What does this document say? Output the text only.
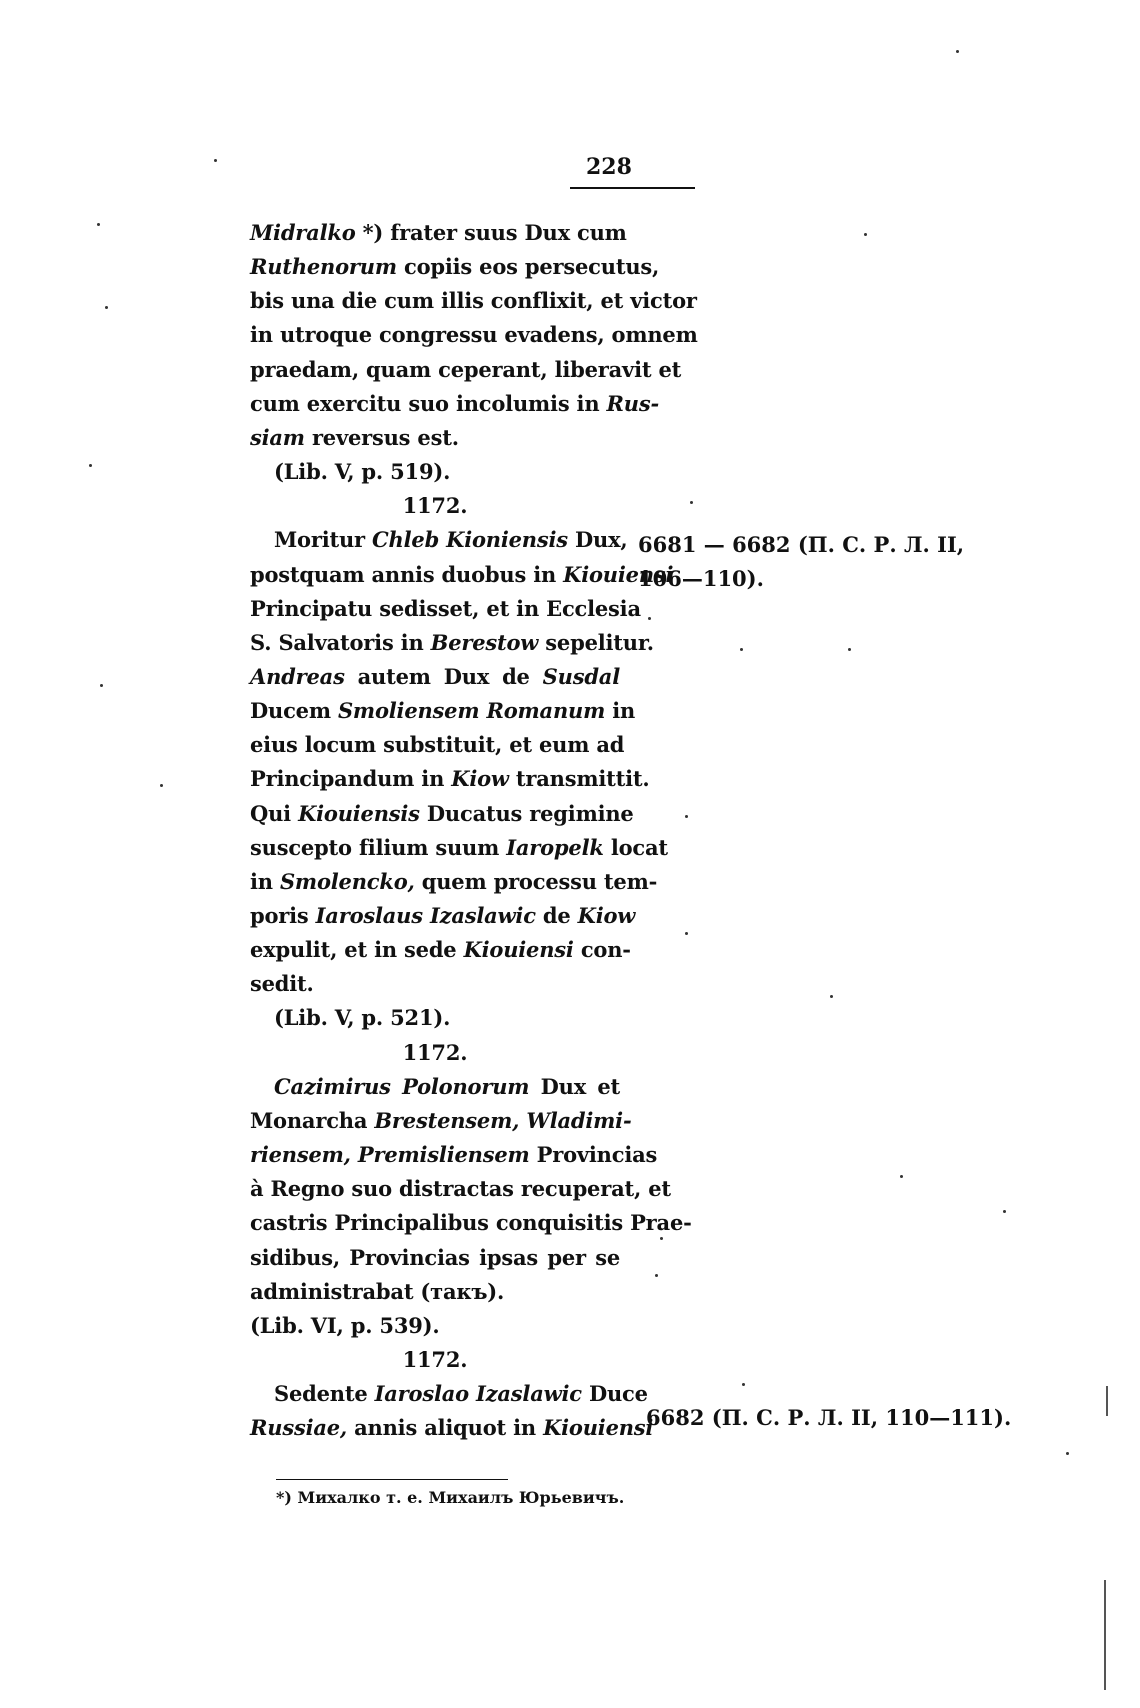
228
Midralko *) frater suus Dux cum
Ruthenorum copiis eos persecutus,
bis una die cum illis conflixit, et victor
in utroque congressu evadens, omnem
praedam, quam ceperant, liberavit et
cum exercitu suo incolumis in Rus-
siam reversus est.
(Lib. V, p. 519).
1172.
Moritur Chleb Kioniensis Dux,
postquam annis duobus in Kiouiensi
Principatu sedisset, et in Ecclesia
S. Salvatoris in Berestow sepelitur.
Andreas autem Dux de Susdal
Ducem Smoliensem Romanum in
eius locum substituit, et eum ad
Principandum in Kiow transmittit.
Qui Kiouiensis Ducatus regimine
suscepto filium suum Iaropelk locat
in Smolencko, quem processu tem-
poris Iaroslaus Izaslawic de Kiow
expulit, et in sede Kiouiensi con-
sedit.
(Lib. V, p. 521).
1172.
Cazimirus Polonorum Dux et
Monarcha Brestensem, Wladimi-
riensem, Premisliensem Provincias
à Regno suo distractas recuperat, et
castris Principalibus conquisitis Prae-
sidibus, Provincias ipsas per se
administrabat (такъ).
(Lib. VI, p. 539).
1172.
Sedente Iaroslao Izaslawic Duce
Russiae, annis aliquot in Kiouiensi
6681 — 6682 (П. С. Р. Л. II,
106—110).
6682 (П. С. Р. Л. II, 110—111).
*) Михалко т. е. Михаилъ Юрьевичъ.
